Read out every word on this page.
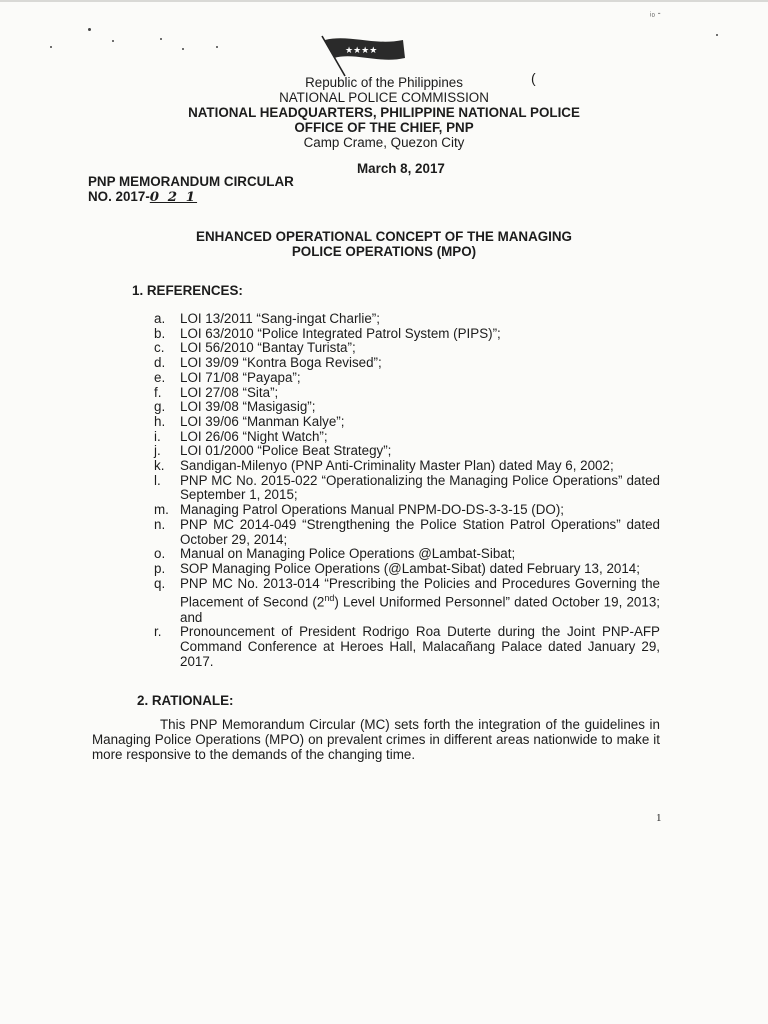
ᵢ₀ -
(
★★★★
Republic of the Philippines
NATIONAL POLICE COMMISSION
NATIONAL HEADQUARTERS, PHILIPPINE NATIONAL POLICE
OFFICE OF THE CHIEF, PNP
Camp Crame, Quezon City
March 8, 2017
PNP MEMORANDUM CIRCULAR
NO. 2017-0 2 1
ENHANCED OPERATIONAL CONCEPT OF THE MANAGING
POLICE OPERATIONS (MPO)
1. REFERENCES:
a.	LOI 13/2011 “Sang-ingat Charlie”;
b.	LOI 63/2010 “Police Integrated Patrol System (PIPS)”;
c.	LOI 56/2010 “Bantay Turista”;
d.	LOI 39/09 “Kontra Boga Revised”;
e.	LOI 71/08 “Payapa”;
f.	LOI 27/08 “Sita”;
g.	LOI 39/08 “Masigasig”;
h.	LOI 39/06 “Manman Kalye”;
i.	LOI 26/06 “Night Watch”;
j.	LOI 01/2000 “Police Beat Strategy”;
k.	Sandigan-Milenyo (PNP Anti-Criminality Master Plan) dated May 6, 2002;
l.	PNP MC No. 2015-022 “Operationalizing the Managing Police Operations” dated September 1, 2015;
m. Managing Patrol Operations Manual PNPM-DO-DS-3-3-15 (DO);
n.	PNP MC 2014-049 “Strengthening the Police Station Patrol Operations” dated October 29, 2014;
o.	Manual on Managing Police Operations @Lambat-Sibat;
p.	SOP Managing Police Operations (@Lambat-Sibat) dated February 13, 2014;
q.	PNP MC No. 2013-014 “Prescribing the Policies and Procedures Governing the Placement of Second (2nd) Level Uniformed Personnel” dated October 19, 2013; and
r.	Pronouncement of President Rodrigo Roa Duterte during the Joint PNP-AFP Command Conference at Heroes Hall, Malacañang Palace dated January 29, 2017.
2. RATIONALE:
This PNP Memorandum Circular (MC) sets forth the integration of the guidelines in Managing Police Operations (MPO) on prevalent crimes in different areas nationwide to make it more responsive to the demands of the changing time.
1
